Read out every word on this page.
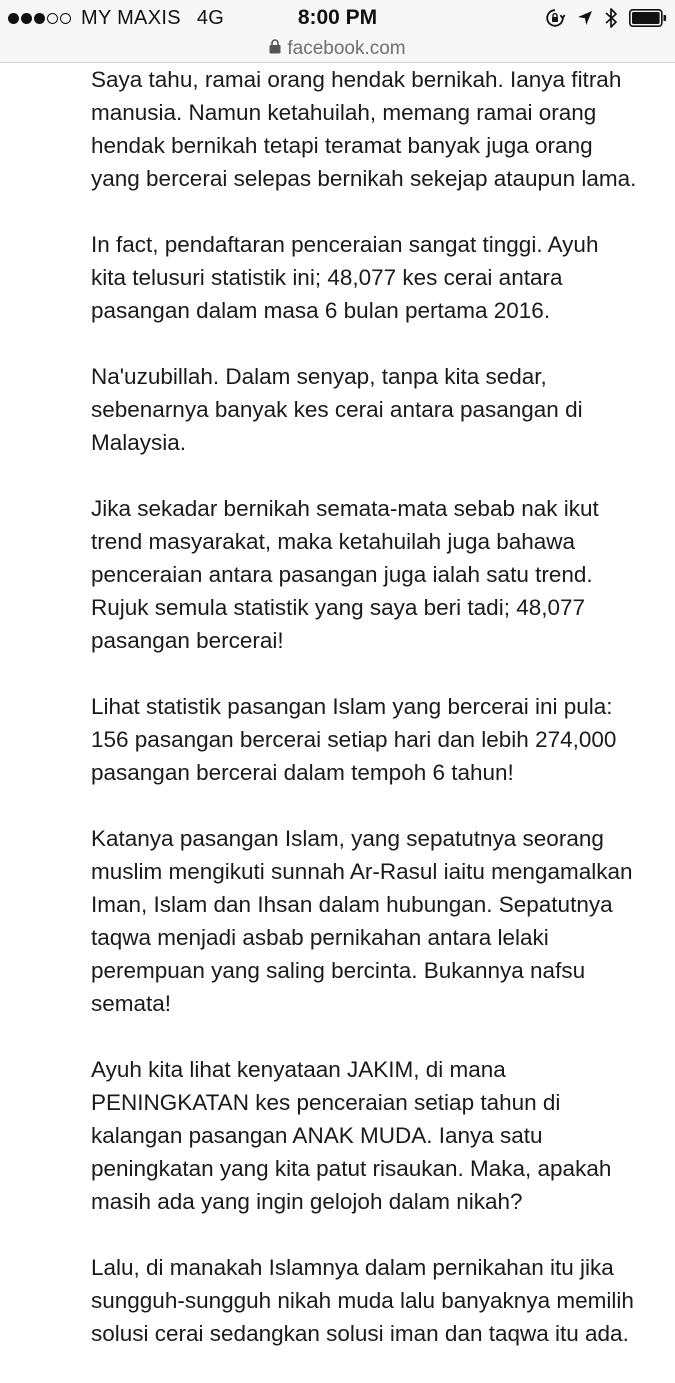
MY MAXIS 4G	8:00 PM
facebook.com

Saya tahu, ramai orang hendak bernikah. Ianya fitrah
manusia. Namun ketahuilah, memang ramai orang
hendak bernikah tetapi teramat banyak juga orang
yang bercerai selepas bernikah sekejap ataupun lama.

In fact, pendaftaran penceraian sangat tinggi. Ayuh
kita telusuri statistik ini; 48,077 kes cerai antara
pasangan dalam masa 6 bulan pertama 2016.

Na'uzubillah. Dalam senyap, tanpa kita sedar,
sebenarnya banyak kes cerai antara pasangan di
Malaysia.

Jika sekadar bernikah semata-mata sebab nak ikut
trend masyarakat, maka ketahuilah juga bahawa
penceraian antara pasangan juga ialah satu trend.
Rujuk semula statistik yang saya beri tadi; 48,077
pasangan bercerai!

Lihat statistik pasangan Islam yang bercerai ini pula:
156 pasangan bercerai setiap hari dan lebih 274,000
pasangan bercerai dalam tempoh 6 tahun!

Katanya pasangan Islam, yang sepatutnya seorang
muslim mengikuti sunnah Ar-Rasul iaitu mengamalkan
Iman, Islam dan Ihsan dalam hubungan. Sepatutnya
taqwa menjadi asbab pernikahan antara lelaki
perempuan yang saling bercinta. Bukannya nafsu
semata!

Ayuh kita lihat kenyataan JAKIM, di mana
PENINGKATAN kes penceraian setiap tahun di
kalangan pasangan ANAK MUDA. Ianya satu
peningkatan yang kita patut risaukan. Maka, apakah
masih ada yang ingin gelojoh dalam nikah?

Lalu, di manakah Islamnya dalam pernikahan itu jika
sungguh-sungguh nikah muda lalu banyaknya memilih
solusi cerai sedangkan solusi iman dan taqwa itu ada.
